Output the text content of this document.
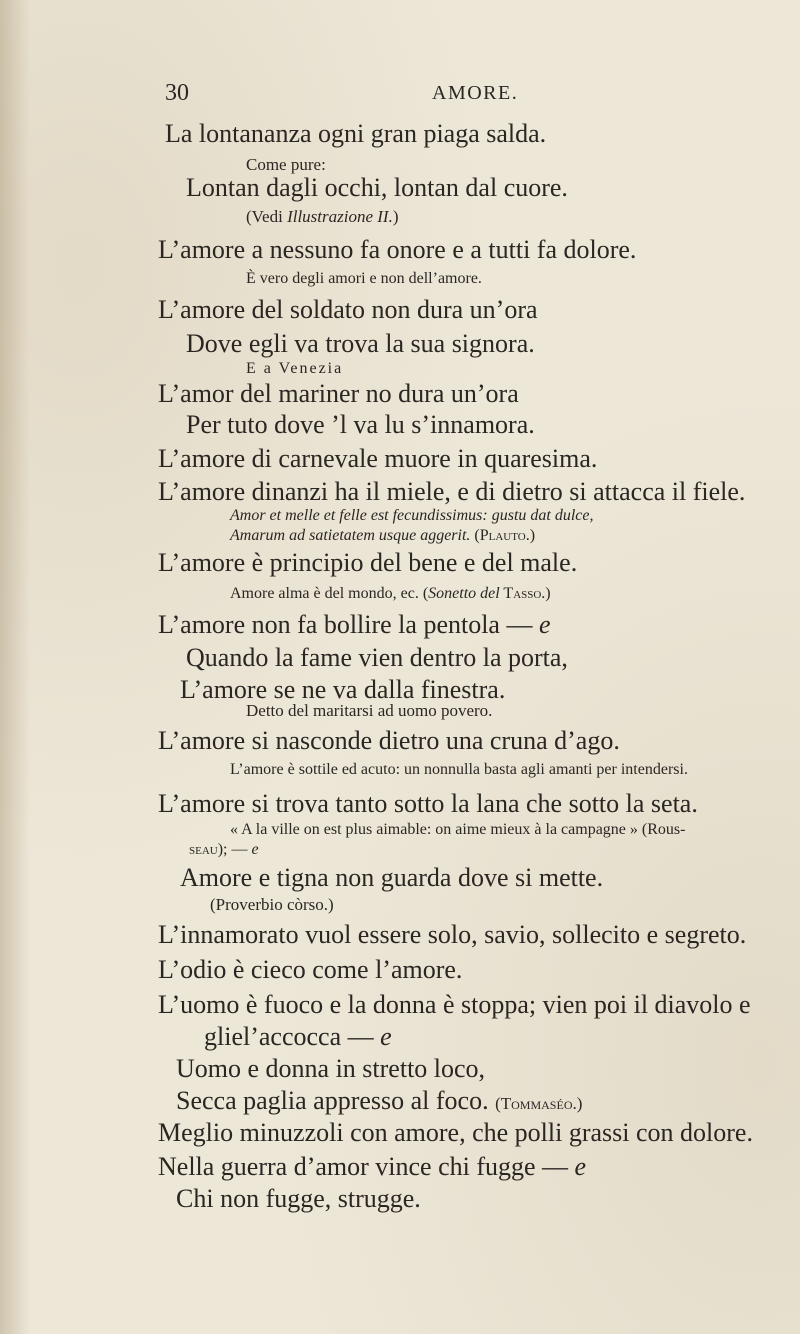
30	AMORE.
La lontananza ogni gran piaga salda.
Come pure:
Lontan dagli occhi, lontan dal cuore.
(Vedi Illustrazione II.)
L’amore a nessuno fa onore e a tutti fa dolore.
È vero degli amori e non dell’amore.
L’amore del soldato non dura un’ora
Dove egli va trova la sua signora.
E a Venezia
L’amor del mariner no dura un’ora
Per tuto dove ’l va lu s’innamora.
L’amore di carnevale muore in quaresima.
L’amore dinanzi ha il miele, e di dietro si attacca il fiele.
Amor et melle et felle est fecundissimus: gustu dat dulce,
Amarum ad satietatem usque aggerit. (Plauto.)
L’amore è principio del bene e del male.
Amore alma è del mondo, ec. (Sonetto del Tasso.)
L’amore non fa bollire la pentola — e
Quando la fame vien dentro la porta,
L’amore se ne va dalla finestra.
Detto del maritarsi ad uomo povero.
L’amore si nasconde dietro una cruna d’ago.
L’amore è sottile ed acuto: un nonnulla basta agli amanti per intendersi.
L’amore si trova tanto sotto la lana che sotto la seta.
« A la ville on est plus aimable: on aime mieux à la campagne » (Rous-
seau); — e
Amore e tigna non guarda dove si mette.
(Proverbio còrso.)
L’innamorato vuol essere solo, savio, sollecito e segreto.
L’odio è cieco come l’amore.
L’uomo è fuoco e la donna è stoppa; vien poi il diavolo e
gliel’accocca — e
Uomo e donna in stretto loco,
Secca paglia appresso al foco. (Tommaséo.)
Meglio minuzzoli con amore, che polli grassi con dolore.
Nella guerra d’amor vince chi fugge — e
Chi non fugge, strugge.
